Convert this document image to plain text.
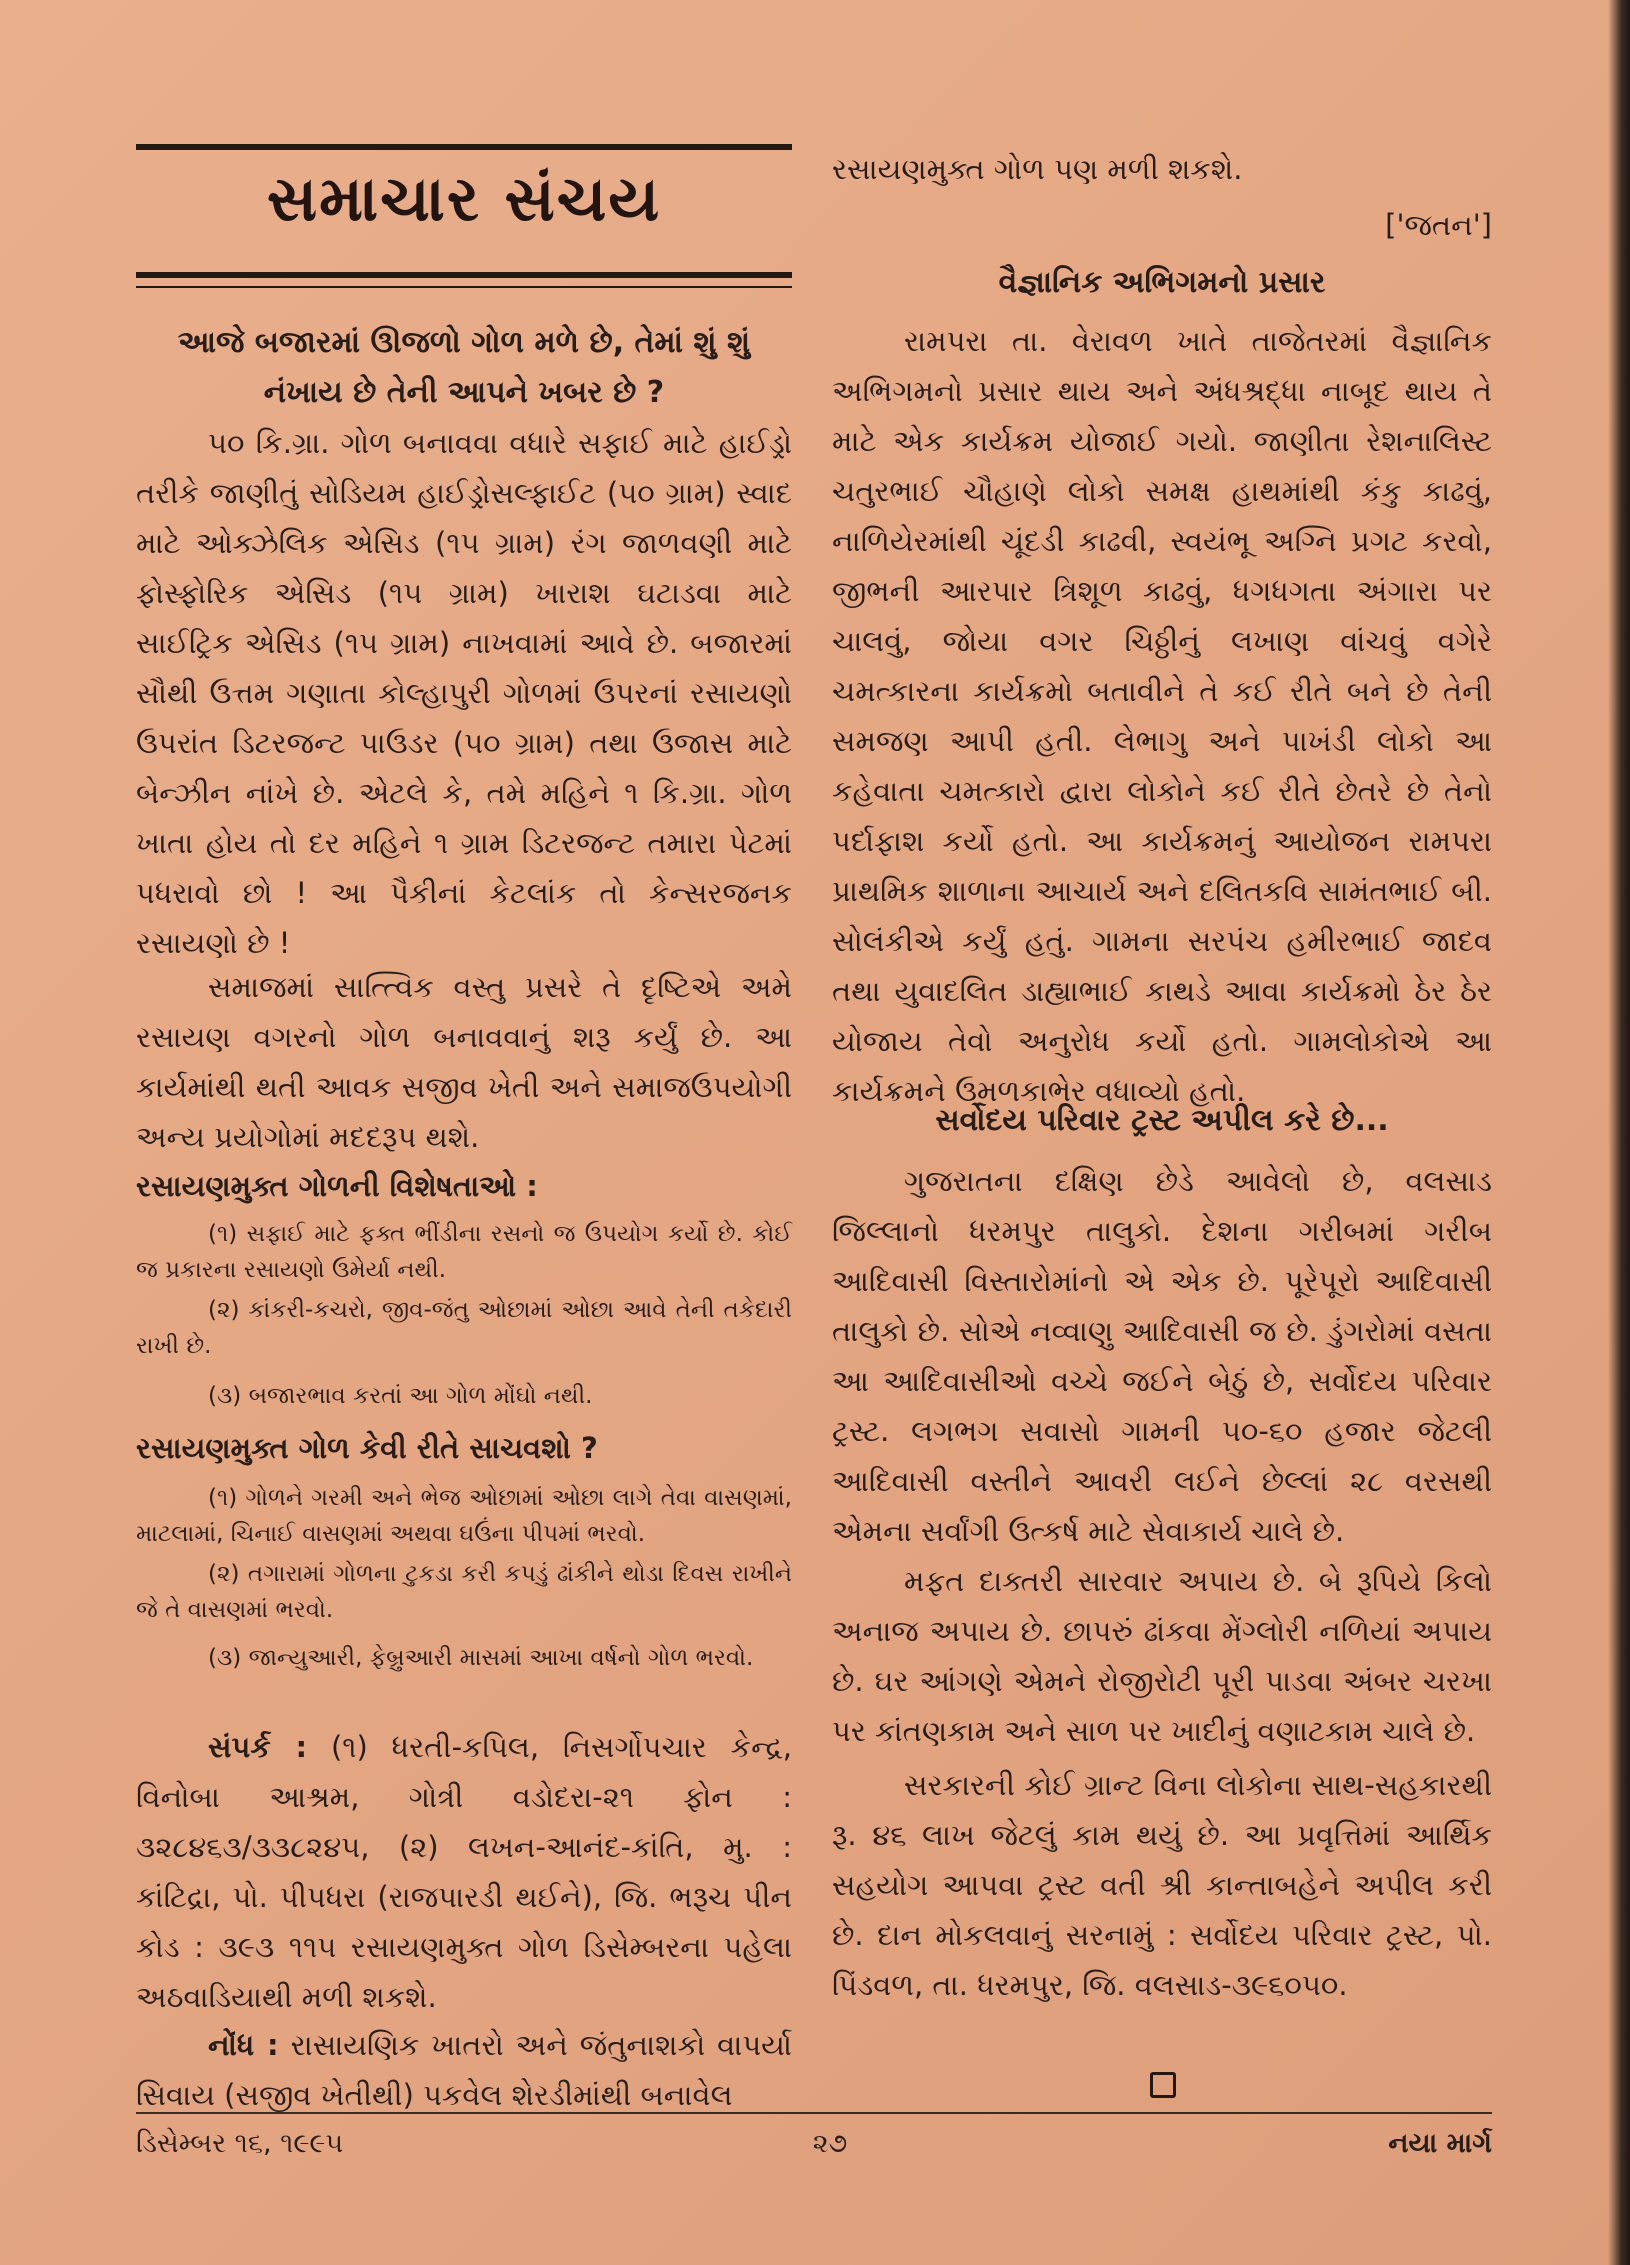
સમાચાર સંચય
આજે બજારમાં ઊજળો ગોળ મળે છે, તેમાં શું શું નંખાય છે તેની આપને ખબર છે ?

૫૦ કિ.ગ્રા. ગોળ બનાવવા વધારે સફાઈ માટે હાઈડ્રો તરીકે જાણીતું સોડિયમ હાઈડ્રોસલ્ફાઈટ (૫૦ ગ્રામ) સ્વાદ માટે ઓક્ઝેલિક એસિડ (૧૫ ગ્રામ) રંગ જાળવણી માટે ફોસ્ફોરિક એસિડ (૧૫ ગ્રામ) ખારાશ ઘટાડવા માટે સાઈટ્રિક એસિડ (૧૫ ગ્રામ) નાખવામાં આવે છે. બજારમાં સૌથી ઉત્તમ ગણાતા કોલ્હાપુરી ગોળમાં ઉપરનાં રસાયણો ઉપરાંત ડિટરજન્ટ પાઉડર (૫૦ ગ્રામ) તથા ઉજાસ માટે બેન્ઝીન નાંખે છે. એટલે કે, તમે મહિને ૧ કિ.ગ્રા. ગોળ ખાતા હોય તો દર મહિને ૧ ગ્રામ ડિટરજન્ટ તમારા પેટમાં પધરાવો છો ! આ પૈકીનાં કેટલાંક તો કેન્સરજનક રસાયણો છે !

સમાજમાં સાત્ત્વિક વસ્તુ પ્રસરે તે દૃષ્ટિએ અમે રસાયણ વગરનો ગોળ બનાવવાનું શરૂ કર્યું છે. આ કાર્યમાંથી થતી આવક સજીવ ખેતી અને સમાજઉપયોગી અન્ય પ્રયોગોમાં મદદરૂપ થશે.

રસાયણમુક્ત ગોળની વિશેષતાઓ :

(૧) સફાઈ માટે ફક્ત ભીંડીના રસનો જ ઉપયોગ કર્યો છે. કોઈ જ પ્રકારના રસાયણો ઉમેર્યા નથી.

(૨) કાંકરી-કચરો, જીવ-જંતુ ઓછામાં ઓછા આવે તેની તકેદારી રાખી છે.

(૩) બજારભાવ કરતાં આ ગોળ મોંઘો નથી.

રસાયણમુક્ત ગોળ કેવી રીતે સાચવશો ?

(૧) ગોળને ગરમી અને ભેજ ઓછામાં ઓછા લાગે તેવા વાસણમાં, માટલામાં, ચિનાઈ વાસણમાં અથવા ઘઉંના પીપમાં ભરવો.

(૨) તગારામાં ગોળના ટુકડા કરી કપડું ઢાંકીને થોડા દિવસ રાખીને જે તે વાસણમાં ભરવો.

(૩) જાન્યુઆરી, ફેબ્રુઆરી માસમાં આખા વર્ષનો ગોળ ભરવો.

સંપર્ક : (૧) ધરતી-કપિલ, નિસર્ગોપચાર કેન્દ્ર, વિનોબા આશ્રમ, ગોત્રી વડોદરા-૨૧ ફોન : ૩૨૮૪૬૩/૩૩૮૨૪૫, (૨) લખન-આનંદ-કાંતિ, મુ. : કાંટિદ્રા, પો. પીપધરા (રાજપારડી થઈને), જિ. ભરૂચ પીન કોડ : ૩૯૩ ૧૧૫ રસાયણમુક્ત ગોળ ડિસેમ્બરના પહેલા અઠવાડિયાથી મળી શકશે.

નોંધ : રાસાયણિક ખાતરો અને જંતુનાશકો વાપર્યા સિવાય (સજીવ ખેતીથી) પકવેલ શેરડીમાંથી બનાવેલ

રસાયણમુક્ત ગોળ પણ મળી શકશે.

['જતન']
વૈજ્ઞાનિક અભિગમનો પ્રસાર

રામપરા તા. વેરાવળ ખાતે તાજેતરમાં વૈજ્ઞાનિક અભિગમનો પ્રસાર થાય અને અંધશ્રદ્ધા નાબૂદ થાય તે માટે એક કાર્યક્રમ યોજાઈ ગયો. જાણીતા રેશનાલિસ્ટ ચતુરભાઈ ચૌહાણે લોકો સમક્ષ હાથમાંથી કંકુ કાઢવું, નાળિયેરમાંથી ચૂંદડી કાઢવી, સ્વયંભૂ અગ્નિ પ્રગટ કરવો, જીભની આરપાર ત્રિશૂળ કાઢવું, ધગધગતા અંગારા પર ચાલવું, જોયા વગર ચિઠ્ઠીનું લખાણ વાંચવું વગેરે ચમત્કારના કાર્યક્રમો બતાવીને તે કઈ રીતે બને છે તેની સમજણ આપી હતી. લેભાગુ અને પાખંડી લોકો આ કહેવાતા ચમત્કારો દ્વારા લોકોને કઈ રીતે છેતરે છે તેનો પર્દાફાશ કર્યો હતો. આ કાર્યક્રમનું આયોજન રામપરા પ્રાથમિક શાળાના આચાર્ય અને દલિતકવિ સામંતભાઈ બી. સોલંકીએ કર્યું હતું. ગામના સરપંચ હમીરભાઈ જાદવ તથા યુવાદલિત ડાહ્યાભાઈ કાથડે આવા કાર્યક્રમો ઠેર ઠેર યોજાય તેવો અનુરોધ કર્યો હતો. ગામલોકોએ આ કાર્યક્રમને ઉમળકાભેર વધાવ્યો હતો.

સર્વોદય પરિવાર ટ્રસ્ટ અપીલ કરે છે...

ગુજરાતના દક્ષિણ છેડે આવેલો છે, વલસાડ જિલ્લાનો ધરમપુર તાલુકો. દેશના ગરીબમાં ગરીબ આદિવાસી વિસ્તારોમાંનો એ એક છે. પૂરેપૂરો આદિવાસી તાલુકો છે. સોએ નવ્વાણુ આદિવાસી જ છે. ડુંગરોમાં વસતા આ આદિવાસીઓ વચ્ચે જઈને બેઠું છે, સર્વોદય પરિવાર ટ્રસ્ટ. લગભગ સવાસો ગામની ૫૦-૬૦ હજાર જેટલી આદિવાસી વસ્તીને આવરી લઈને છેલ્લાં ૨૮ વરસથી એમના સર્વાંગી ઉત્કર્ષ માટે સેવાકાર્ય ચાલે છે.

મફત દાક્તરી સારવાર અપાય છે. બે રૂપિયે કિલો અનાજ અપાય છે. છાપરું ઢાંકવા મેંગ્લોરી નળિયાં અપાય છે. ઘર આંગણે એમને રોજીરોટી પૂરી પાડવા અંબર ચરખા પર કાંતણકામ અને સાળ પર ખાદીનું વણાટકામ ચાલે છે.

સરકારની કોઈ ગ્રાન્ટ વિના લોકોના સાથ-સહકારથી રૂ. ૪૬ લાખ જેટલું કામ થયું છે. આ પ્રવૃત્તિમાં આર્થિક સહયોગ આપવા ટ્રસ્ટ વતી શ્રી કાન્તાબહેને અપીલ કરી છે. દાન મોકલવાનું સરનામું : સર્વોદય પરિવાર ટ્રસ્ટ, પો. પિંડવળ, તા. ધરમપુર, જિ. વલસાડ-૩૯૬૦૫૦.

ડિસેમ્બર ૧૬, ૧૯૯૫	૨૭	નયા માર્ગ
